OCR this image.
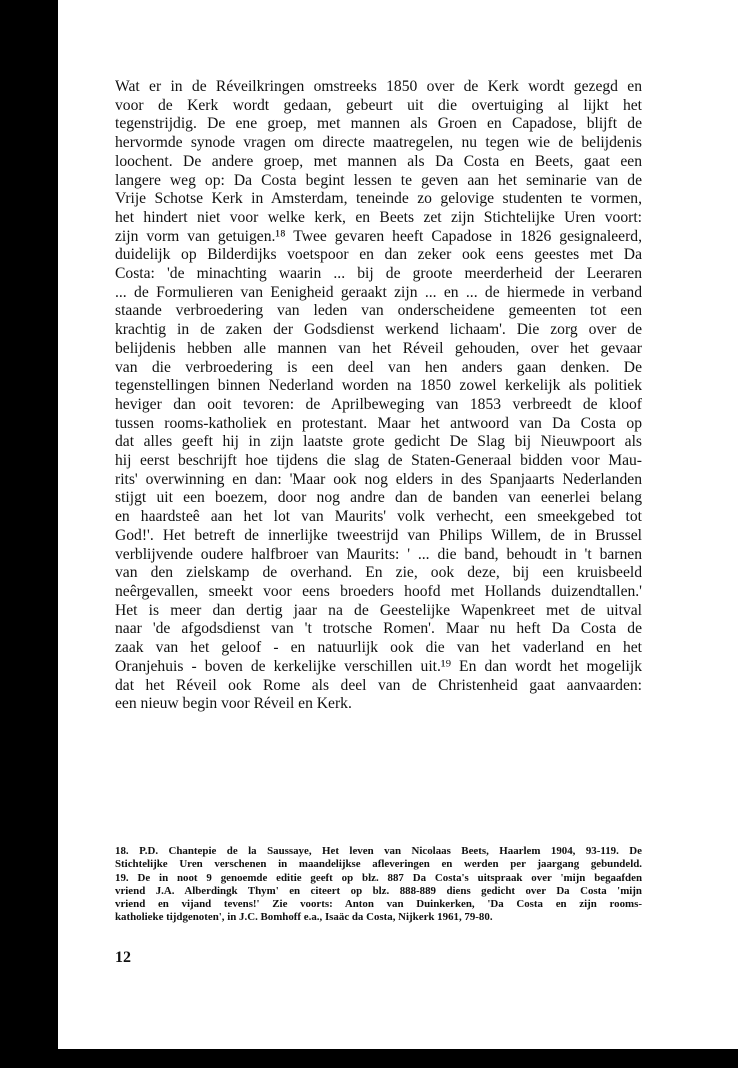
Wat er in de Réveilkringen omstreeks 1850 over de Kerk wordt gezegd en
voor de Kerk wordt gedaan, gebeurt uit die overtuiging al lijkt het
tegenstrijdig. De ene groep, met mannen als Groen en Capadose, blijft de
hervormde synode vragen om directe maatregelen, nu tegen wie de belijdenis
loochent. De andere groep, met mannen als Da Costa en Beets, gaat een
langere weg op: Da Costa begint lessen te geven aan het seminarie van de
Vrije Schotse Kerk in Amsterdam, teneinde zo gelovige studenten te vormen,
het hindert niet voor welke kerk, en Beets zet zijn Stichtelijke Uren voort:
zijn vorm van getuigen.¹⁸ Twee gevaren heeft Capadose in 1826 gesignaleerd,
duidelijk op Bilderdijks voetspoor en dan zeker ook eens geestes met Da
Costa: 'de minachting waarin ... bij de groote meerderheid der Leeraren
... de Formulieren van Eenigheid geraakt zijn ... en ... de hiermede in verband
staande verbroedering van leden van onderscheidene gemeenten tot een
krachtig in de zaken der Godsdienst werkend lichaam'. Die zorg over de
belijdenis hebben alle mannen van het Réveil gehouden, over het gevaar
van die verbroedering is een deel van hen anders gaan denken. De
tegenstellingen binnen Nederland worden na 1850 zowel kerkelijk als politiek
heviger dan ooit tevoren: de Aprilbeweging van 1853 verbreedt de kloof
tussen rooms-katholiek en protestant. Maar het antwoord van Da Costa op
dat alles geeft hij in zijn laatste grote gedicht De Slag bij Nieuwpoort als
hij eerst beschrijft hoe tijdens die slag de Staten-Generaal bidden voor Mau-
rits' overwinning en dan: 'Maar ook nog elders in des Spanjaarts Nederlanden
stijgt uit een boezem, door nog andre dan de banden van eenerlei belang
en haardsteê aan het lot van Maurits' volk verhecht, een smeekgebed tot
God!'. Het betreft de innerlijke tweestrijd van Philips Willem, de in Brussel
verblijvende oudere halfbroer van Maurits: ' ... die band, behoudt in 't barnen
van den zielskamp de overhand. En zie, ook deze, bij een kruisbeeld
neêrgevallen, smeekt voor eens broeders hoofd met Hollands duizendtallen.'
Het is meer dan dertig jaar na de Geestelijke Wapenkreet met de uitval
naar 'de afgodsdienst van 't trotsche Romen'. Maar nu heft Da Costa de
zaak van het geloof - en natuurlijk ook die van het vaderland en het
Oranjehuis - boven de kerkelijke verschillen uit.¹⁹ En dan wordt het mogelijk
dat het Réveil ook Rome als deel van de Christenheid gaat aanvaarden:
een nieuw begin voor Réveil en Kerk.
18. P.D. Chantepie de la Saussaye, Het leven van Nicolaas Beets, Haarlem 1904, 93-119. De
Stichtelijke Uren verschenen in maandelijkse afleveringen en werden per jaargang gebundeld.
19. De in noot 9 genoemde editie geeft op blz. 887 Da Costa's uitspraak over 'mijn begaafden
vriend J.A. Alberdingk Thym' en citeert op blz. 888-889 diens gedicht over Da Costa 'mijn
vriend en vijand tevens!' Zie voorts: Anton van Duinkerken, 'Da Costa en zijn rooms-
katholieke tijdgenoten', in J.C. Bomhoff e.a., Isaäc da Costa, Nijkerk 1961, 79-80.
12
